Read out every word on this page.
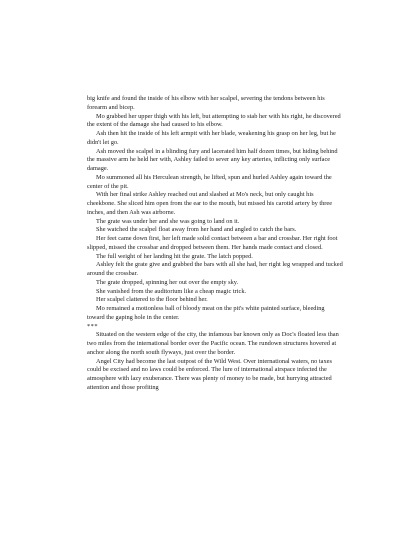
big knife and found the inside of his elbow with her scalpel, severing the tendons between his forearm and bicep.

Mo grabbed her upper thigh with his left, but attempting to stab her with his right, he discovered the extent of the damage she had caused to his elbow.

Ash then hit the inside of his left armpit with her blade, weakening his grasp on her leg, but he didn't let go.

Ash moved the scalpel in a blinding fury and lacerated him half dozen times, but hiding behind the massive arm he held her with, Ashley failed to sever any key arteries, inflicting only surface damage.

Mo summoned all his Herculean strength, he lifted, spun and hurled Ashley again toward the center of the pit.

With her final strike Ashley reached out and slashed at Mo's neck, but only caught his cheekbone. She sliced him open from the ear to the mouth, but missed his carotid artery by three inches, and then Ash was airborne.

The grate was under her and she was going to land on it.

She watched the scalpel float away from her hand and angled to catch the bars.

Her feet came down first, her left made solid contact between a bar and crossbar. Her right foot slipped, missed the crossbar and dropped between them. Her hands made contact and closed.

The full weight of her landing hit the grate. The latch popped.

Ashley felt the grate give and grabbed the bars with all she had, her right leg wrapped and tucked around the crossbar.

The grate dropped, spinning her out over the empty sky.

She vanished from the auditorium like a cheap magic trick.

Her scalpel clattered to the floor behind her.

Mo remained a motionless ball of bloody meat on the pit's white painted surface, bleeding toward the gaping hole in the center.

***

Situated on the western edge of the city, the infamous bar known only as Doc's floated less than two miles from the international border over the Pacific ocean. The rundown structures hovered at anchor along the north south flyways, just over the border.

Angel City had become the last outpost of the Wild West. Over international waters, no taxes could be excised and no laws could be enforced. The lure of international airspace infected the atmosphere with lazy exuberance. There was plenty of money to be made, but hurrying attracted attention and those profiting
